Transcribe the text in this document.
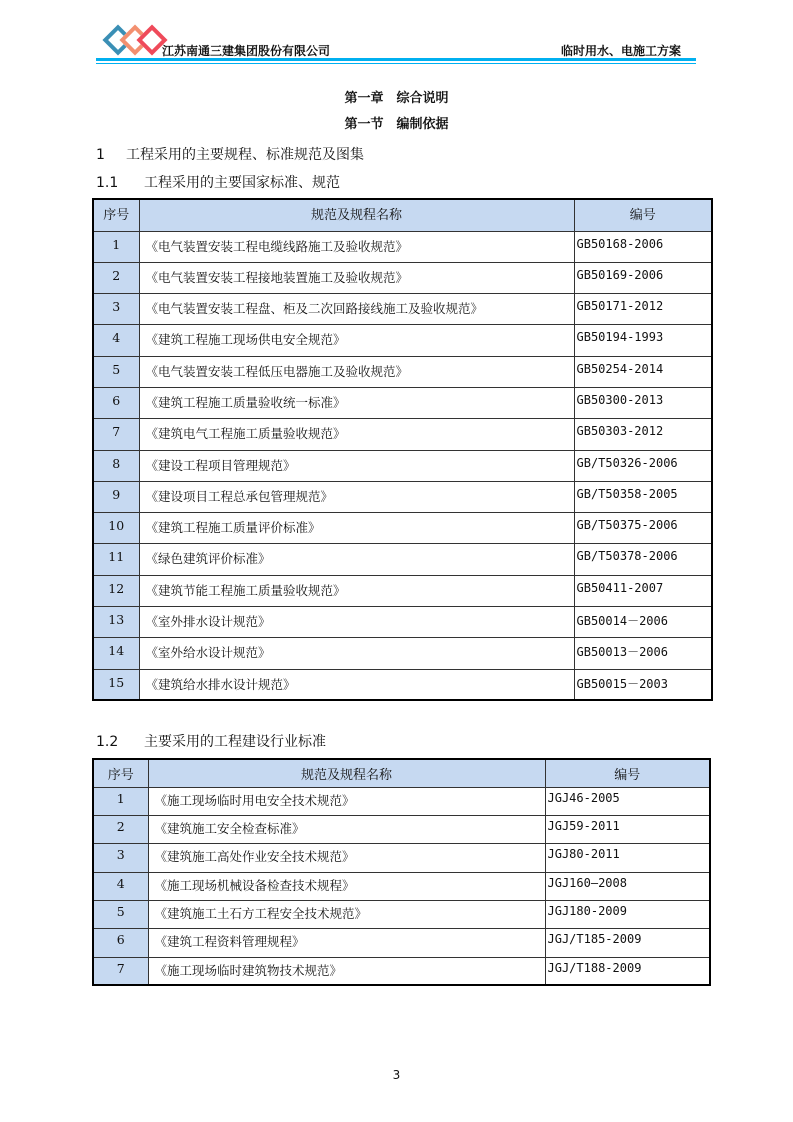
江苏南通三建集团股份有限公司	临时用水、电施工方案
第一章　综合说明
第一节　编制依据
1 工程采用的主要规程、标准规范及图集
1.1 工程采用的主要国家标准、规范
序号	规范及规程名称	编号
1	《电气装置安装工程电缆线路施工及验收规范》	GB50168-2006
2	《电气装置安装工程接地装置施工及验收规范》	GB50169-2006
3	《电气装置安装工程盘、柜及二次回路接线施工及验收规范》	GB50171-2012
4	《建筑工程施工现场供电安全规范》	GB50194-1993
5	《电气装置安装工程低压电器施工及验收规范》	GB50254-2014
6	《建筑工程施工质量验收统一标准》	GB50300-2013
7	《建筑电气工程施工质量验收规范》	GB50303-2012
8	《建设工程项目管理规范》	GB/T50326-2006
9	《建设项目工程总承包管理规范》	GB/T50358-2005
10	《建筑工程施工质量评价标准》	GB/T50375-2006
11	《绿色建筑评价标准》	GB/T50378-2006
12	《建筑节能工程施工质量验收规范》	GB50411-2007
13	《室外排水设计规范》	GB50014－2006
14	《室外给水设计规范》	GB50013－2006
15	《建筑给水排水设计规范》	GB50015－2003
1.2 主要采用的工程建设行业标准
序号	规范及规程名称	编号
1	《施工现场临时用电安全技术规范》	JGJ46-2005
2	《建筑施工安全检查标准》	JGJ59-2011
3	《建筑施工高处作业安全技术规范》	JGJ80-2011
4	《施工现场机械设备检查技术规程》	JGJ160—2008
5	《建筑施工土石方工程安全技术规范》	JGJ180-2009
6	《建筑工程资料管理规程》	JGJ/T185-2009
7	《施工现场临时建筑物技术规范》	JGJ/T188-2009
3
